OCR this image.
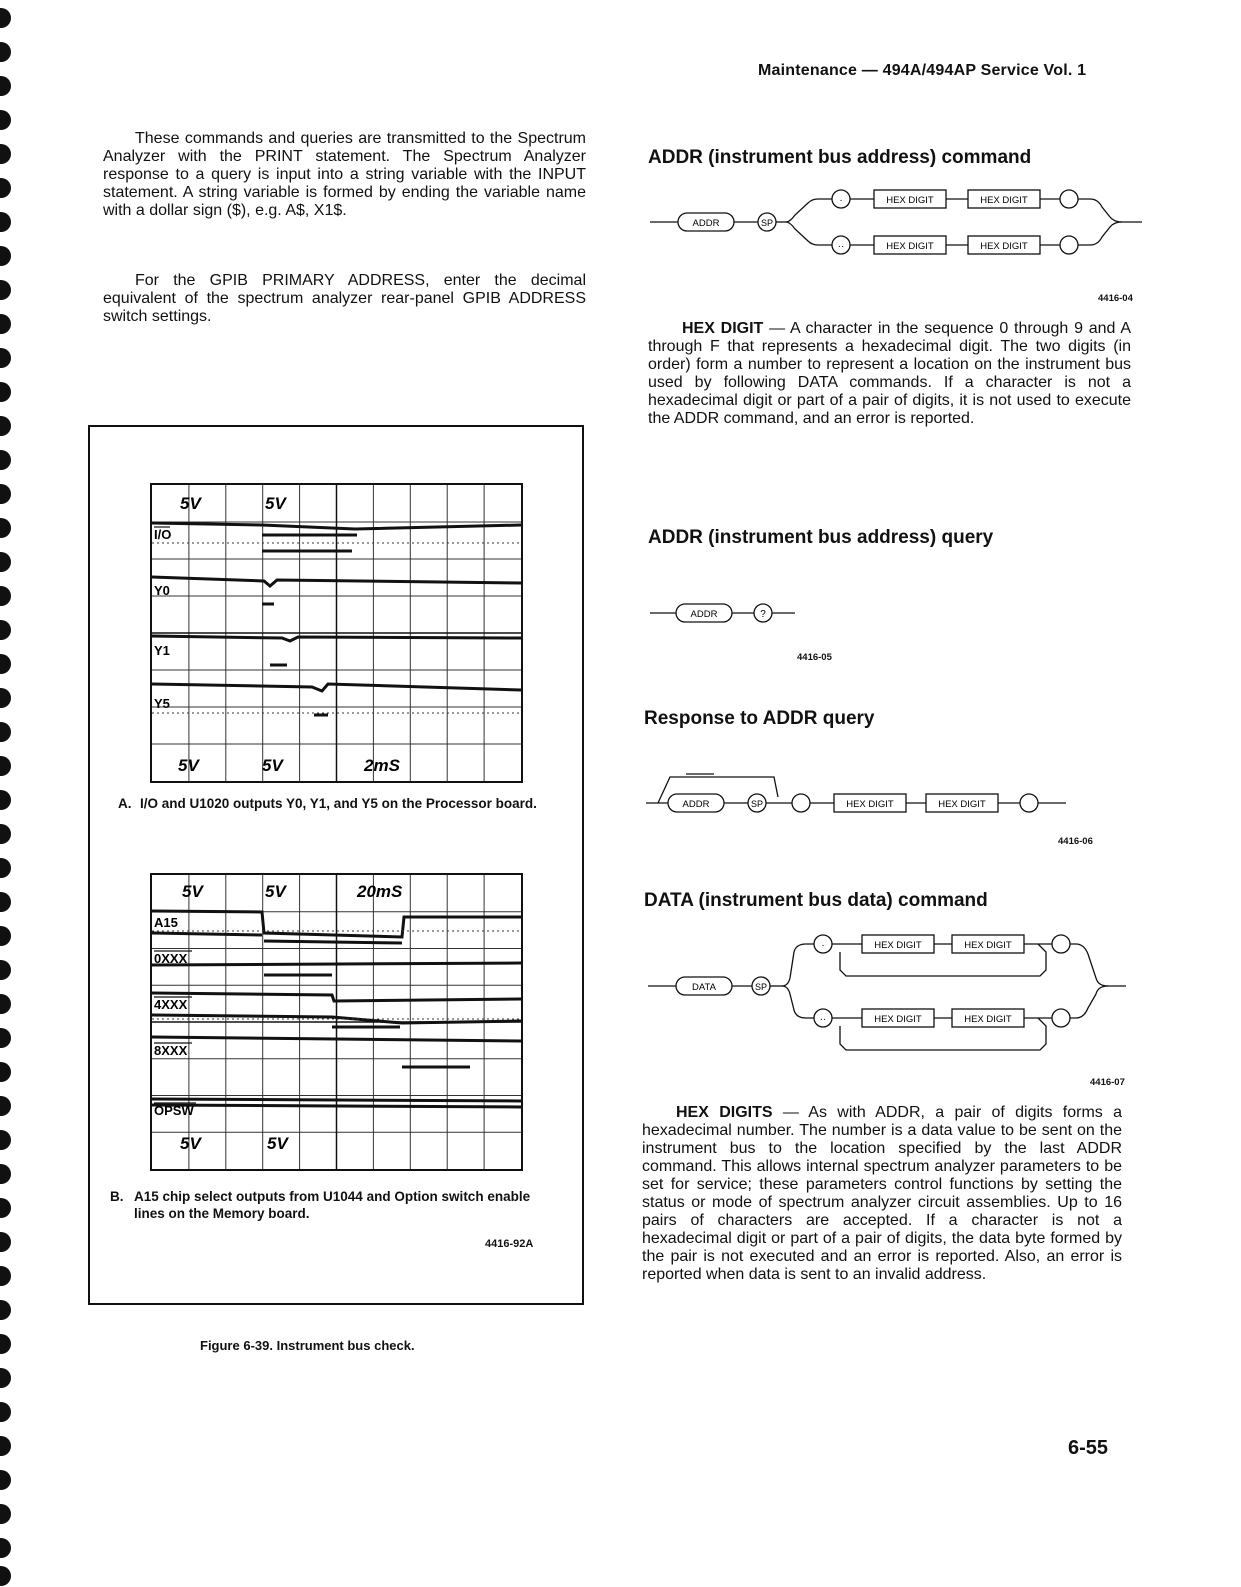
Maintenance — 494A/494AP Service Vol. 1
These commands and queries are transmitted to the Spectrum Analyzer with the PRINT statement. The Spectrum Analyzer response to a query is input into a string variable with the INPUT statement. A string variable is formed by ending the variable name with a dollar sign ($), e.g. A$, X1$.
For the GPIB PRIMARY ADDRESS, enter the decimal equivalent of the spectrum analyzer rear-panel GPIB ADDRESS switch settings.
5V	5V
I/O
Y0
Y1
Y5
5V	5V	2mS
A. I/O and U1020 outputs Y0, Y1, and Y5 on the Processor board.
5V	5V	20mS
A15
0XXX
4XXX
8XXX
OPSW
5V	5V
B. A15 chip select outputs from U1044 and Option switch enable lines on the Memory board.
4416-92A
Figure 6-39. Instrument bus check.
ADDR (instrument bus address) command
·
··
ADDR	SP
HEX DIGIT	HEX DIGIT
HEX DIGIT	HEX DIGIT
4416-04
HEX DIGIT — A character in the sequence 0 through 9 and A through F that represents a hexadecimal digit. The two digits (in order) form a number to represent a location on the instrument bus used by following DATA commands. If a character is not a hexadecimal digit or part of a pair of digits, it is not used to execute the ADDR command, and an error is reported.
ADDR (instrument bus address) query
ADDR	?
4416-05
Response to ADDR query
ADDR	SP	HEX DIGIT	HEX DIGIT
4416-06
DATA (instrument bus data) command
·
··
DATA	SP
HEX DIGIT	HEX DIGIT
HEX DIGIT	HEX DIGIT
4416-07
HEX DIGITS — As with ADDR, a pair of digits forms a hexadecimal number. The number is a data value to be sent on the instrument bus to the location specified by the last ADDR command. This allows internal spectrum analyzer parameters to be set for service; these parameters control functions by setting the status or mode of spectrum analyzer circuit assemblies. Up to 16 pairs of characters are accepted. If a character is not a hexadecimal digit or part of a pair of digits, the data byte formed by the pair is not executed and an error is reported. Also, an error is reported when data is sent to an invalid address.
6-55
